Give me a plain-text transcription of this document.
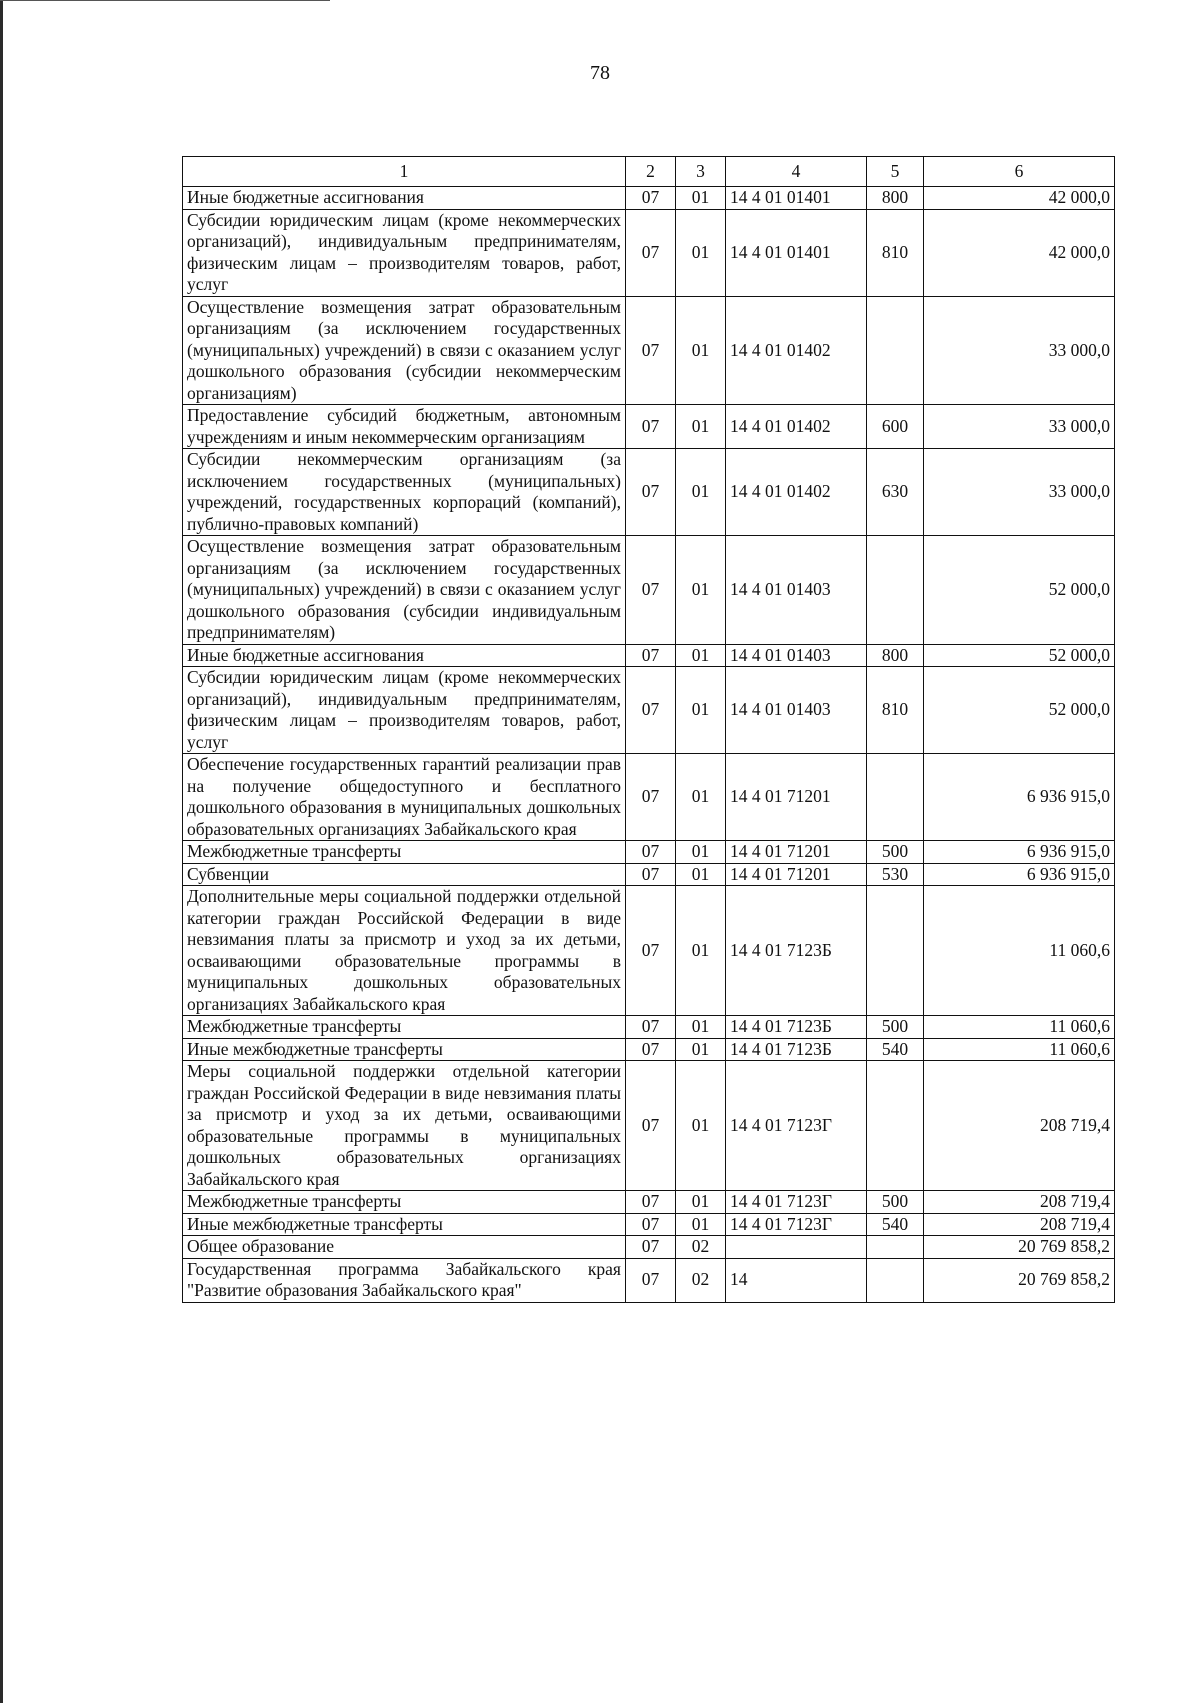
78
1	2	3	4	5	6
Иные бюджетные ассигнования	07	01	14 4 01 01401	800	42 000,0
Субсидии юридическим лицам (кроме некоммерческих организаций), индивидуальным предпринимателям, физическим лицам – производителям товаров, работ, услуг	07	01	14 4 01 01401	810	42 000,0
Осуществление возмещения затрат образовательным организациям (за исключением государственных (муниципальных) учреждений) в связи с оказанием услуг дошкольного образования (субсидии некоммерческим организациям)	07	01	14 4 01 01402		33 000,0
Предоставление субсидий бюджетным, автономным учреждениям и иным некоммерческим организациям	07	01	14 4 01 01402	600	33 000,0
Субсидии некоммерческим организациям (за исключением государственных (муниципальных) учреждений, государственных корпораций (компаний), публично-правовых компаний)	07	01	14 4 01 01402	630	33 000,0
Осуществление возмещения затрат образовательным организациям (за исключением государственных (муниципальных) учреждений) в связи с оказанием услуг дошкольного образования (субсидии индивидуальным предпринимателям)	07	01	14 4 01 01403		52 000,0
Иные бюджетные ассигнования	07	01	14 4 01 01403	800	52 000,0
Субсидии юридическим лицам (кроме некоммерческих организаций), индивидуальным предпринимателям, физическим лицам – производителям товаров, работ, услуг	07	01	14 4 01 01403	810	52 000,0
Обеспечение государственных гарантий реализации прав на получение общедоступного и бесплатного дошкольного образования в муниципальных дошкольных образовательных организациях Забайкальского края	07	01	14 4 01 71201		6 936 915,0
Межбюджетные трансферты	07	01	14 4 01 71201	500	6 936 915,0
Субвенции	07	01	14 4 01 71201	530	6 936 915,0
Дополнительные меры социальной поддержки отдельной категории граждан Российской Федерации в виде невзимания платы за присмотр и уход за их детьми, осваивающими образовательные программы в муниципальных дошкольных образовательных организациях Забайкальского края	07	01	14 4 01 7123Б		11 060,6
Межбюджетные трансферты	07	01	14 4 01 7123Б	500	11 060,6
Иные межбюджетные трансферты	07	01	14 4 01 7123Б	540	11 060,6
Меры социальной поддержки отдельной категории граждан Российской Федерации в виде невзимания платы за присмотр и уход за их детьми, осваивающими образовательные программы в муниципальных дошкольных образовательных организациях Забайкальского края	07	01	14 4 01 7123Г		208 719,4
Межбюджетные трансферты	07	01	14 4 01 7123Г	500	208 719,4
Иные межбюджетные трансферты	07	01	14 4 01 7123Г	540	208 719,4
Общее образование	07	02			20 769 858,2
Государственная программа Забайкальского края "Развитие образования Забайкальского края"	07	02	14		20 769 858,2
